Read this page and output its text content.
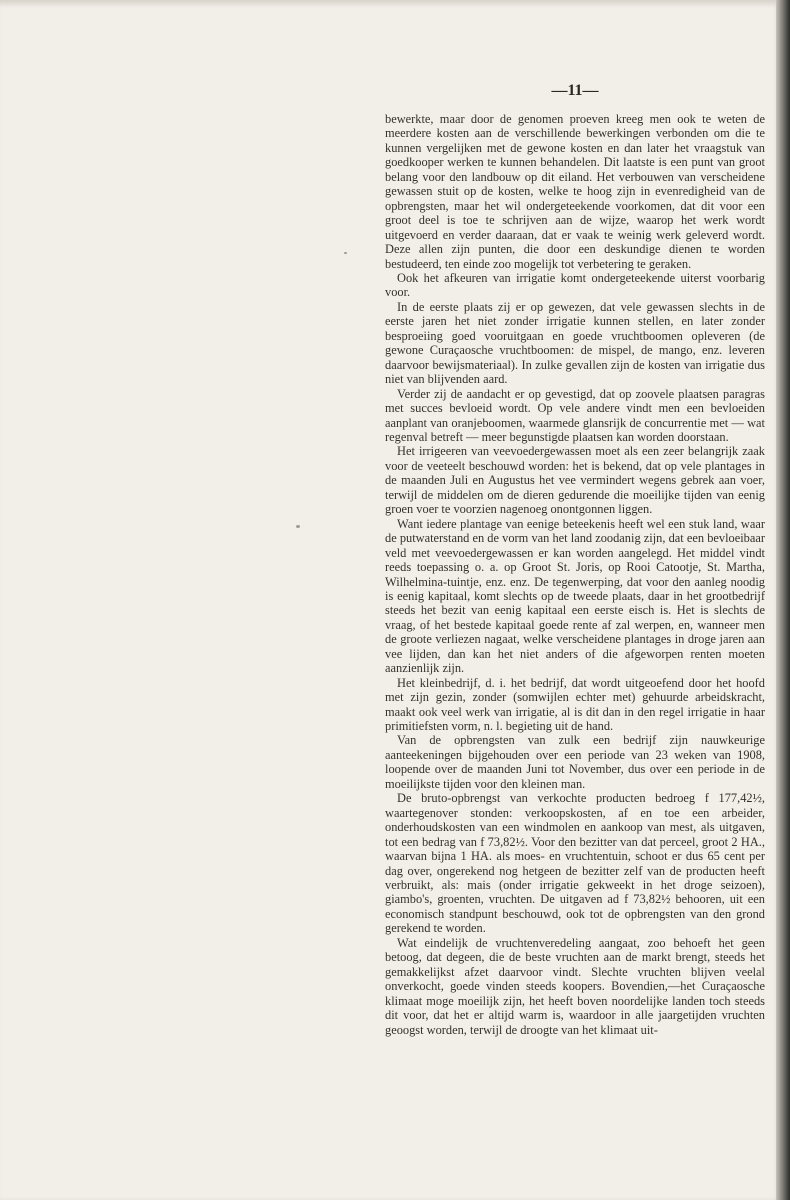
—11—

bewerkte, maar door de genomen proeven kreeg men ook te weten de meerdere kosten aan de verschillende bewerkingen verbonden om die te kunnen vergelijken met de gewone kosten en dan later het vraagstuk van goedkooper werken te kunnen behandelen. Dit laatste is een punt van groot belang voor den landbouw op dit eiland. Het verbouwen van verscheidene gewassen stuit op de kosten, welke te hoog zijn in evenredigheid van de opbrengsten, maar het wil ondergeteekende voorkomen, dat dit voor een groot deel is toe te schrijven aan de wijze, waarop het werk wordt uitgevoerd en verder daaraan, dat er vaak te weinig werk geleverd wordt. Deze allen zijn punten, die door een deskundige dienen te worden bestudeerd, ten einde zoo mogelijk tot verbetering te geraken.

Ook het afkeuren van irrigatie komt ondergeteekende uiterst voorbarig voor.

In de eerste plaats zij er op gewezen, dat vele gewassen slechts in de eerste jaren het niet zonder irrigatie kunnen stellen, en later zonder besproeiing goed vooruitgaan en goede vruchtboomen opleveren (de gewone Curaçaosche vruchtboomen: de mispel, de mango, enz. leveren daarvoor bewijsmateriaal). In zulke gevallen zijn de kosten van irrigatie dus niet van blijvenden aard.

Verder zij de aandacht er op gevestigd, dat op zoovele plaatsen paragras met succes bevloeid wordt. Op vele andere vindt men een bevloeiden aanplant van oranjeboomen, waarmede glansrijk de concurrentie met — wat regenval betreft — meer begunstigde plaatsen kan worden doorstaan.

Het irrigeeren van veevoedergewassen moet als een zeer belangrijk zaak voor de veeteelt beschouwd worden: het is bekend, dat op vele plantages in de maanden Juli en Augustus het vee vermindert wegens gebrek aan voer, terwijl de middelen om de dieren gedurende die moeilijke tijden van eenig groen voer te voorzien nagenoeg onontgonnen liggen.

Want iedere plantage van eenige beteekenis heeft wel een stuk land, waar de putwaterstand en de vorm van het land zoodanig zijn, dat een bevloeibaar veld met veevoedergewassen er kan worden aangelegd. Het middel vindt reeds toepassing o. a. op Groot St. Joris, op Rooi Catootje, St. Martha, Wilhelmina-tuintje, enz. enz. De tegenwerping, dat voor den aanleg noodig is eenig kapitaal, komt slechts op de tweede plaats, daar in het grootbedrijf steeds het bezit van eenig kapitaal een eerste eisch is. Het is slechts de vraag, of het bestede kapitaal goede rente af zal werpen, en, wanneer men de groote verliezen nagaat, welke verscheidene plantages in droge jaren aan vee lijden, dan kan het niet anders of die afgeworpen renten moeten aanzienlijk zijn.

Het kleinbedrijf, d. i. het bedrijf, dat wordt uitgeoefend door het hoofd met zijn gezin, zonder (somwijlen echter met) gehuurde arbeidskracht, maakt ook veel werk van irrigatie, al is dit dan in den regel irrigatie in haar primitiefsten vorm, n. l. begieting uit de hand.

Van de opbrengsten van zulk een bedrijf zijn nauwkeurige aanteekeningen bijgehouden over een periode van 23 weken van 1908, loopende over de maanden Juni tot November, dus over een periode in de moeilijkste tijden voor den kleinen man.

De bruto-opbrengst van verkochte producten bedroeg f 177,42½, waartegenover stonden: verkoopskosten, af en toe een arbeider, onderhoudskosten van een windmolen en aankoop van mest, als uitgaven, tot een bedrag van f 73,82½. Voor den bezitter van dat perceel, groot 2 HA., waarvan bijna 1 HA. als moes- en vruchtentuin, schoot er dus 65 cent per dag over, ongerekend nog hetgeen de bezitter zelf van de producten heeft verbruikt, als: mais (onder irrigatie gekweekt in het droge seizoen), giambo's, groenten, vruchten. De uitgaven ad f 73,82½ behooren, uit een economisch standpunt beschouwd, ook tot de opbrengsten van den grond gerekend te worden.

Wat eindelijk de vruchtenveredeling aangaat, zoo behoeft het geen betoog, dat degeen, die de beste vruchten aan de markt brengt, steeds het gemakkelijkst afzet daarvoor vindt. Slechte vruchten blijven veelal onverkocht, goede vinden steeds koopers. Bovendien,—het Curaçaosche klimaat moge moeilijk zijn, het heeft boven noordelijke landen toch steeds dit voor, dat het er altijd warm is, waardoor in alle jaargetijden vruchten geoogst worden, terwijl de droogte van het klimaat uit-
